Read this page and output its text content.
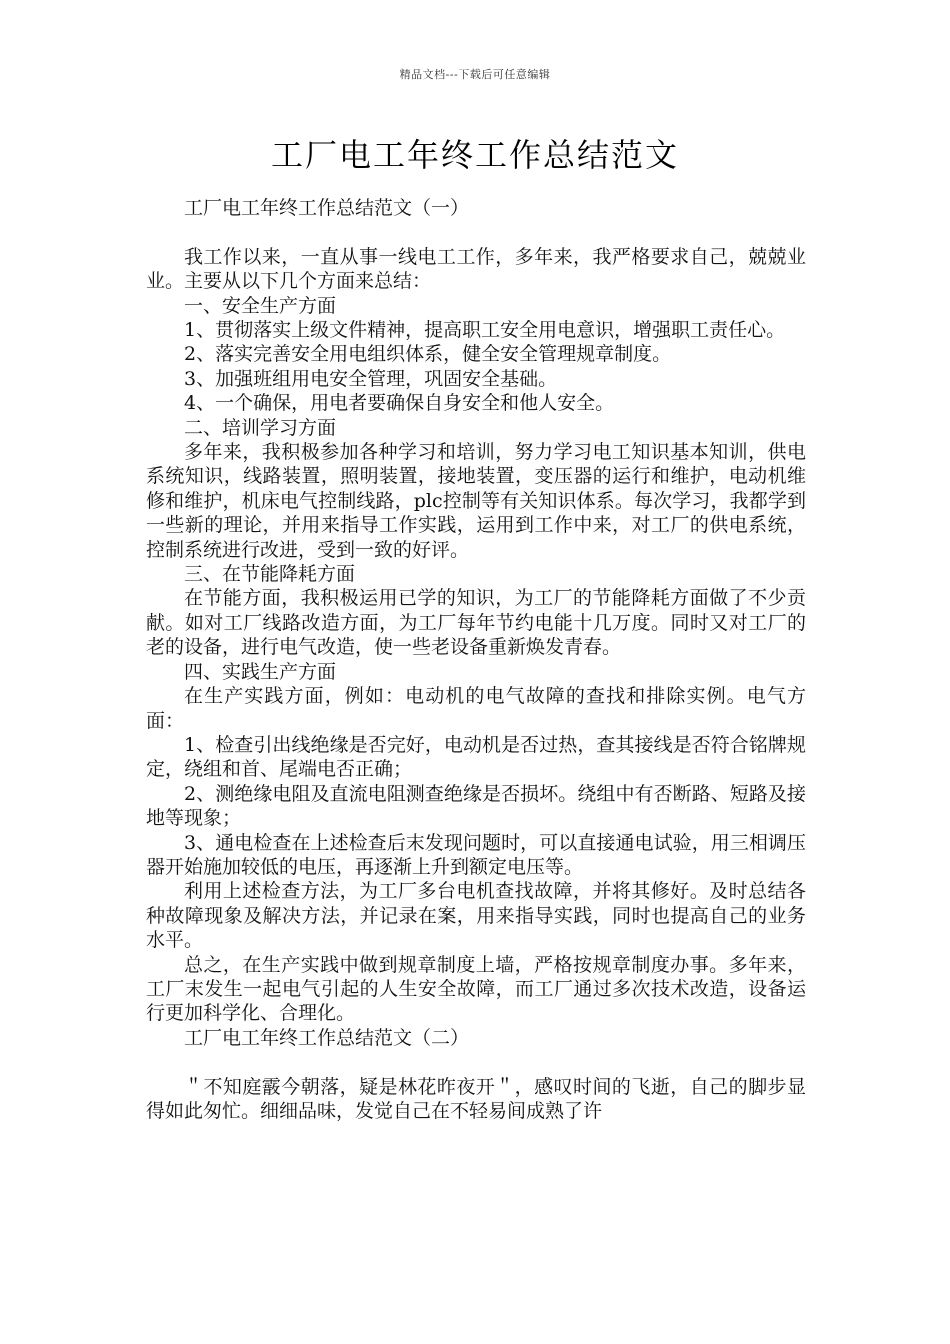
精品文档---下载后可任意编辑
工厂电工年终工作总结范文

工厂电工年终工作总结范文（一）

我工作以来，一直从事一线电工工作，多年来，我严格要求自己，兢兢业业。主要从以下几个方面来总结：

一、安全生产方面

1、贯彻落实上级文件精神，提高职工安全用电意识，增强职工责任心。

2、落实完善安全用电组织体系，健全安全管理规章制度。

3、加强班组用电安全管理，巩固安全基础。

4、一个确保，用电者要确保自身安全和他人安全。

二、培训学习方面

多年来，我积极参加各种学习和培训，努力学习电工知识基本知训，供电系统知识，线路装置，照明装置，接地装置，变压器的运行和维护，电动机维修和维护，机床电气控制线路，plc控制等有关知识体系。每次学习，我都学到一些新的理论，并用来指导工作实践，运用到工作中来，对工厂的供电系统，控制系统进行改进，受到一致的好评。

三、在节能降耗方面

在节能方面，我积极运用已学的知识，为工厂的节能降耗方面做了不少贡献。如对工厂线路改造方面，为工厂每年节约电能十几万度。同时又对工厂的老的设备，进行电气改造，使一些老设备重新焕发青春。

四、实践生产方面

在生产实践方面，例如：电动机的电气故障的查找和排除实例。电气方面：

1、检查引出线绝缘是否完好，电动机是否过热，查其接线是否符合铭牌规定，绕组和首、尾端电否正确；

2、测绝缘电阻及直流电阻测查绝缘是否损坏。绕组中有否断路、短路及接地等现象；

3、通电检查在上述检查后末发现问题时，可以直接通电试验，用三相调压器开始施加较低的电压，再逐渐上升到额定电压等。

利用上述检查方法，为工厂多台电机查找故障，并将其修好。及时总结各种故障现象及解决方法，并记录在案，用来指导实践，同时也提高自己的业务水平。

总之，在生产实践中做到规章制度上墙，严格按规章制度办事。多年来，工厂末发生一起电气引起的人生安全故障，而工厂通过多次技术改造，设备运行更加科学化、合理化。

工厂电工年终工作总结范文（二）

＂不知庭霰今朝落，疑是林花昨夜开＂，感叹时间的飞逝，自己的脚步显得如此匆忙。细细品味，发觉自己在不轻易间成熟了许
